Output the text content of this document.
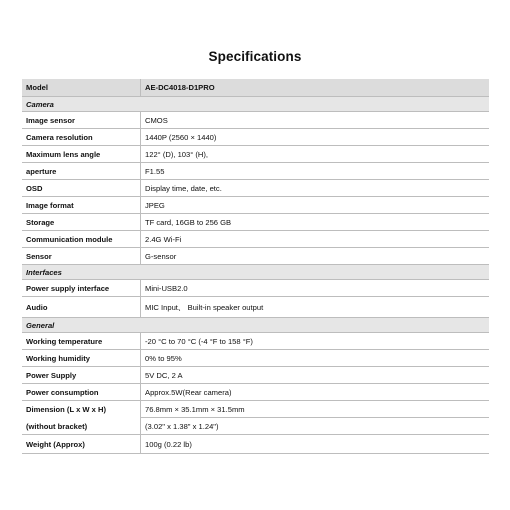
Specifications
Model	AE-DC4018-D1PRO
Camera	
Image sensor	CMOS
Camera resolution	1440P (2560 × 1440)
Maximum lens angle	122° (D), 103° (H),
aperture	F1.55
OSD	Display time, date, etc.
Image format	JPEG
Storage	TF card, 16GB to 256 GB
Communication module	2.4G Wi-Fi
Sensor	G-sensor
Interfaces	
Power supply interface	Mini-USB2.0
Audio	MIC Input、 Built-in speaker output
General	
Working temperature	-20 °C to 70 °C (-4 °F to 158 °F)
Working humidity	0% to 95%
Power Supply	5V DC, 2 A
Power consumption	Approx.5W(Rear camera)
Dimension (L x W x H)	76.8mm × 35.1mm × 31.5mm
(without bracket)	(3.02" x 1.38" x 1.24")
Weight (Approx)	100g (0.22 lb)
